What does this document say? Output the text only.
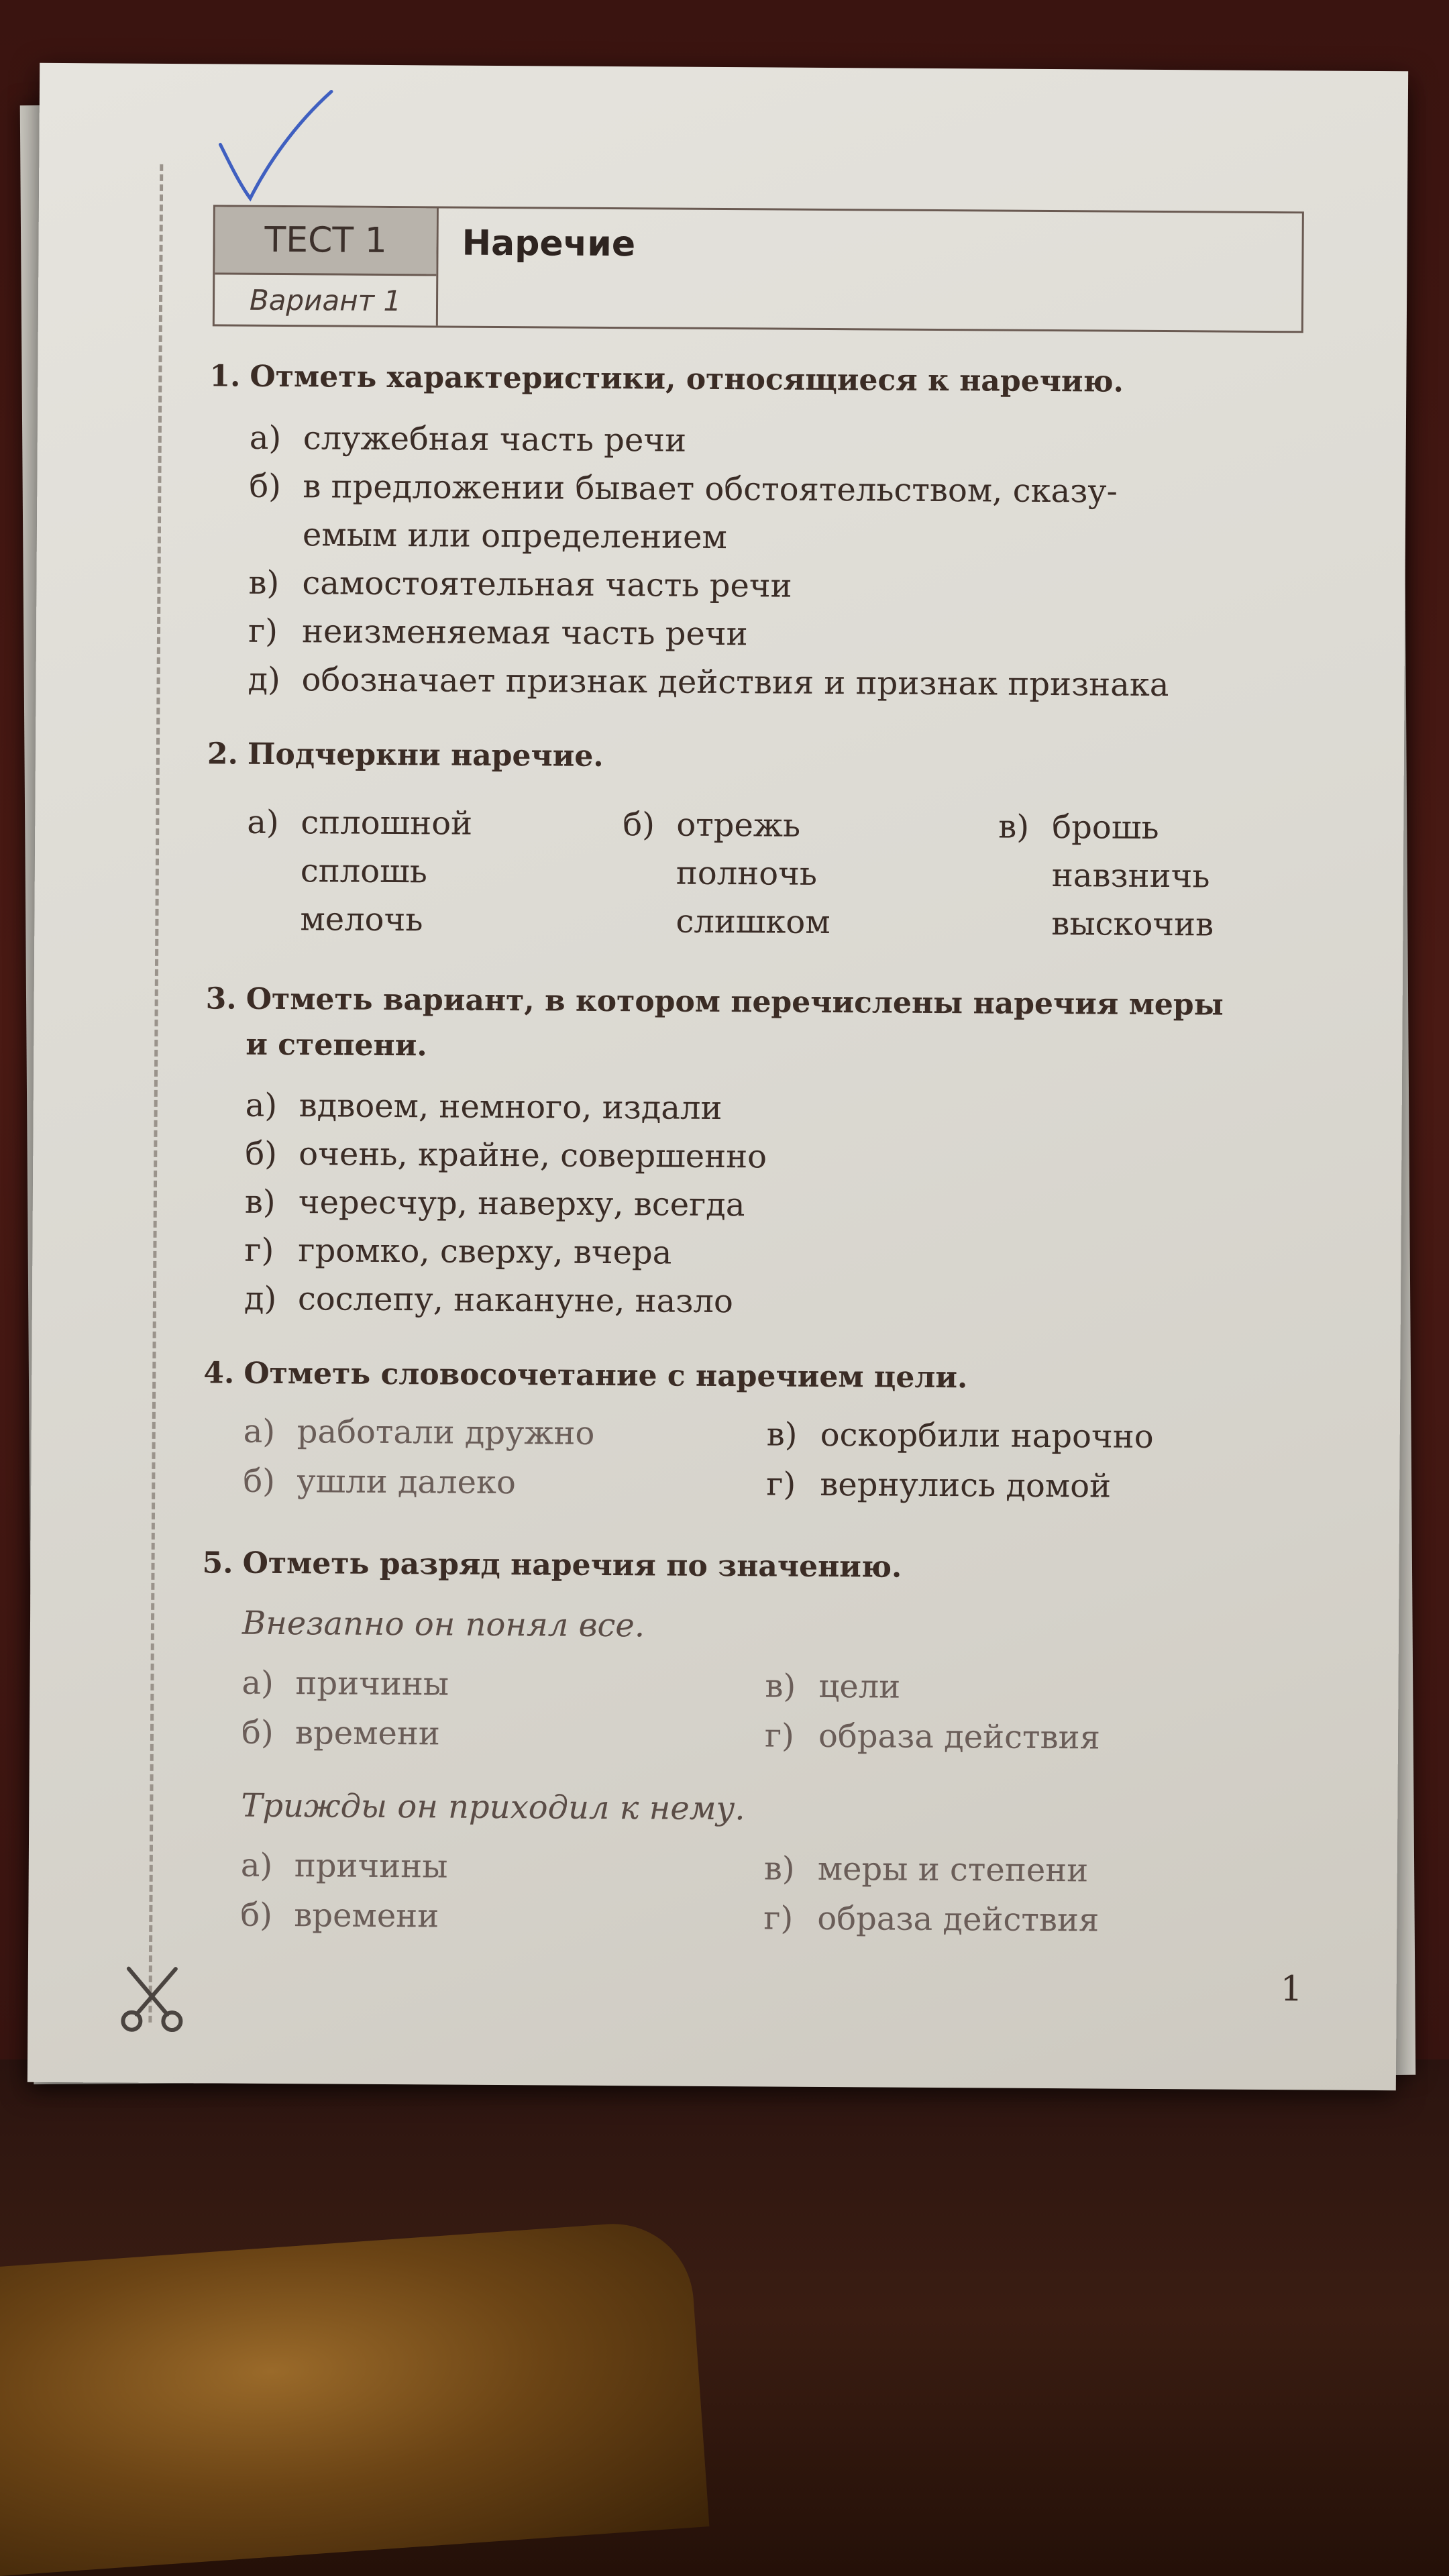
ТЕСТ 1
Вариант 1
Наречие
1. Отметь характеристики, относящиеся к наречию.
а) служебная часть речи
б) в предложении бывает обстоятельством, сказу-
емым или определением
в) самостоятельная часть речи
г) неизменяемая часть речи
д) обозначает признак действия и признак признака
2. Подчеркни наречие.
а) сплошной
сплошь
мелочь
б) отрежь
полночь
слишком
в) брошь
навзничь
выскочив
3. Отметь вариант, в котором перечислены наречия меры
и степени.
а) вдвоем, немного, издали
б) очень, крайне, совершенно
в) чересчур, наверху, всегда
г) громко, сверху, вчера
д) сослепу, накануне, назло
4. Отметь словосочетание с наречием цели.
а) работали дружно	в) оскорбили нарочно
б) ушли далеко	г) вернулись домой
5. Отметь разряд наречия по значению.
Внезапно он понял все.
а) причины	в) цели
б) времени	г) образа действия
Трижды он приходил к нему.
а) причины	в) меры и степени
б) времени	г) образа действия
1
